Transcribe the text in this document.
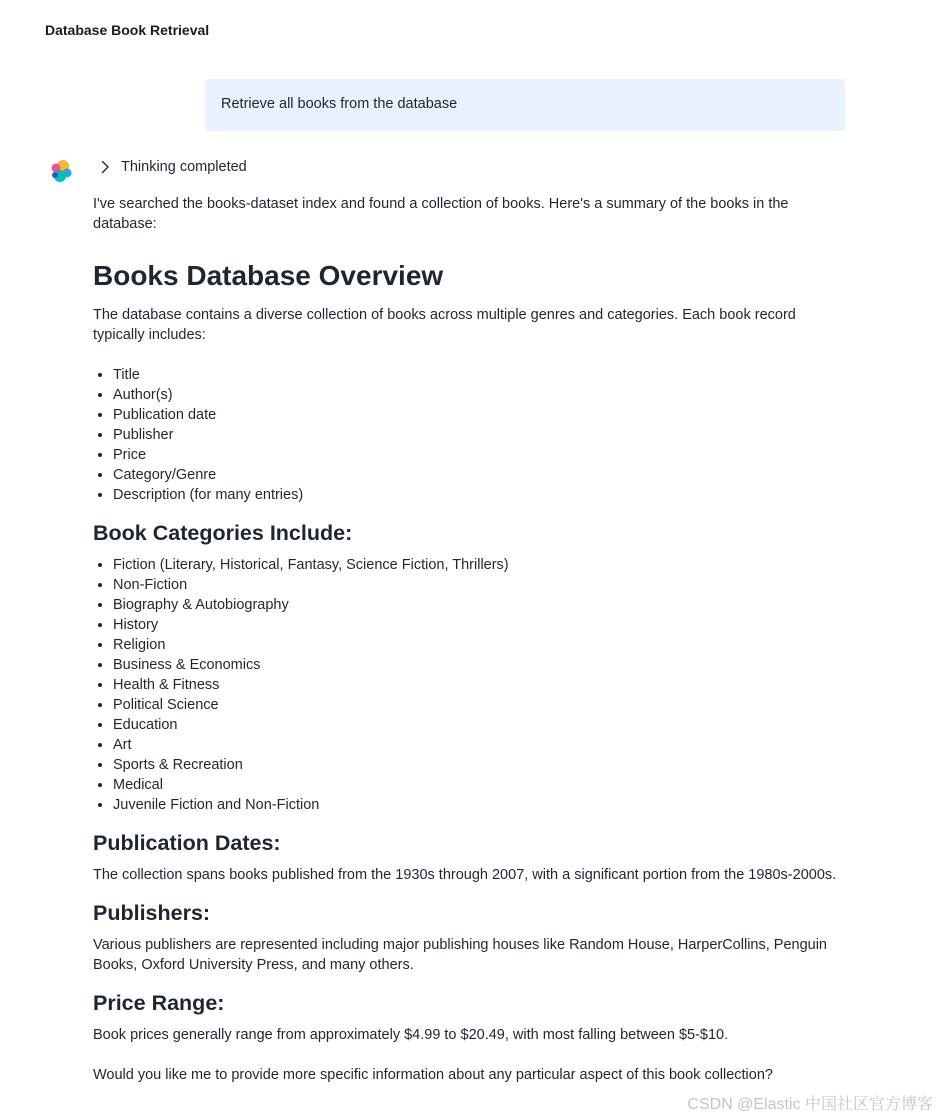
Database Book Retrieval
Retrieve all books from the database
Thinking completed

I've searched the books-dataset index and found a collection of books. Here's a summary of the books in the database:

Books Database Overview

The database contains a diverse collection of books across multiple genres and categories. Each book record typically includes:

• Title
• Author(s)
• Publication date
• Publisher
• Price
• Category/Genre
• Description (for many entries)
Book Categories Include:
• Fiction (Literary, Historical, Fantasy, Science Fiction, Thrillers)
• Non-Fiction
• Biography & Autobiography
• History
• Religion
• Business & Economics
• Health & Fitness
• Political Science
• Education
• Art
• Sports & Recreation
• Medical
• Juvenile Fiction and Non-Fiction
Publication Dates:

The collection spans books published from the 1930s through 2007, with a significant portion from the 1980s-2000s.

Publishers:

Various publishers are represented including major publishing houses like Random House, HarperCollins, Penguin Books, Oxford University Press, and many others.

Price Range:

Book prices generally range from approximately $4.99 to $20.49, with most falling between $5-$10.

Would you like me to provide more specific information about any particular aspect of this book collection?

CSDN @Elastic 中国社区官方博客
